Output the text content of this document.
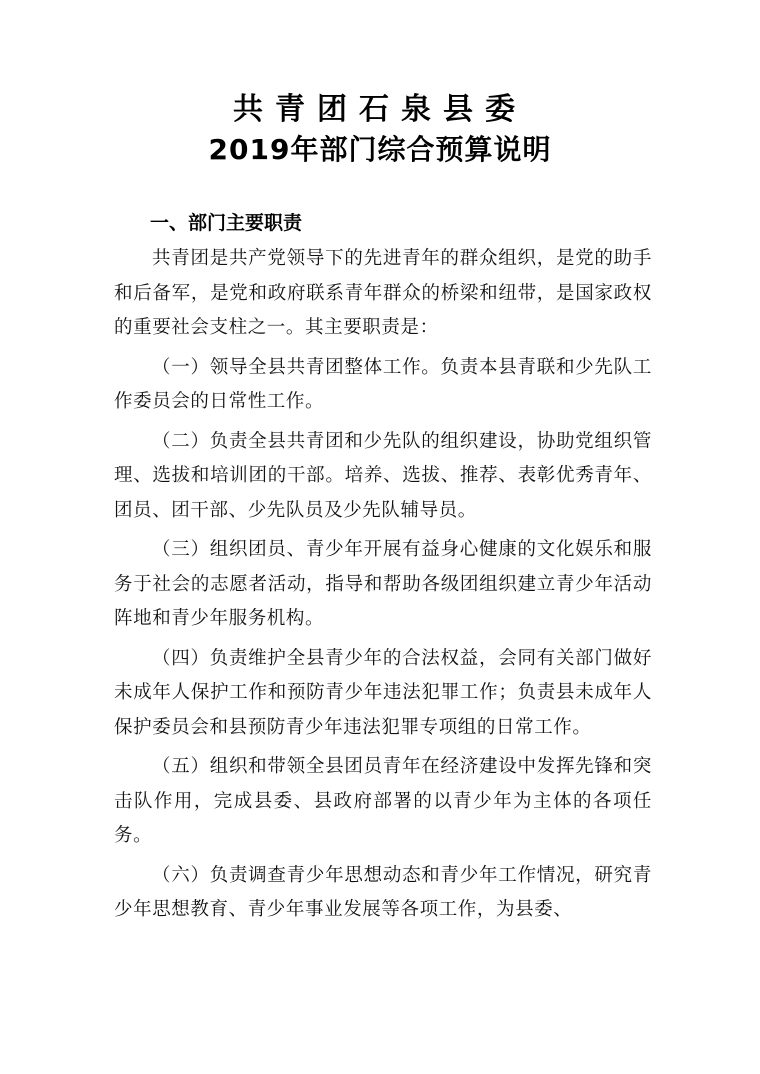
共青团石泉县委
2019年部门综合预算说明
一、部门主要职责

共青团是共产党领导下的先进青年的群众组织，是党的助手和后备军，是党和政府联系青年群众的桥梁和纽带，是国家政权的重要社会支柱之一。其主要职责是：

（一）领导全县共青团整体工作。负责本县青联和少先队工作委员会的日常性工作。

（二）负责全县共青团和少先队的组织建设，协助党组织管理、选拔和培训团的干部。培养、选拔、推荐、表彰优秀青年、团员、团干部、少先队员及少先队辅导员。

（三）组织团员、青少年开展有益身心健康的文化娱乐和服务于社会的志愿者活动，指导和帮助各级团组织建立青少年活动阵地和青少年服务机构。

（四）负责维护全县青少年的合法权益，会同有关部门做好未成年人保护工作和预防青少年违法犯罪工作；负责县未成年人保护委员会和县预防青少年违法犯罪专项组的日常工作。

（五）组织和带领全县团员青年在经济建设中发挥先锋和突击队作用，完成县委、县政府部署的以青少年为主体的各项任务。

（六）负责调查青少年思想动态和青少年工作情况，研究青少年思想教育、青少年事业发展等各项工作，为县委、
